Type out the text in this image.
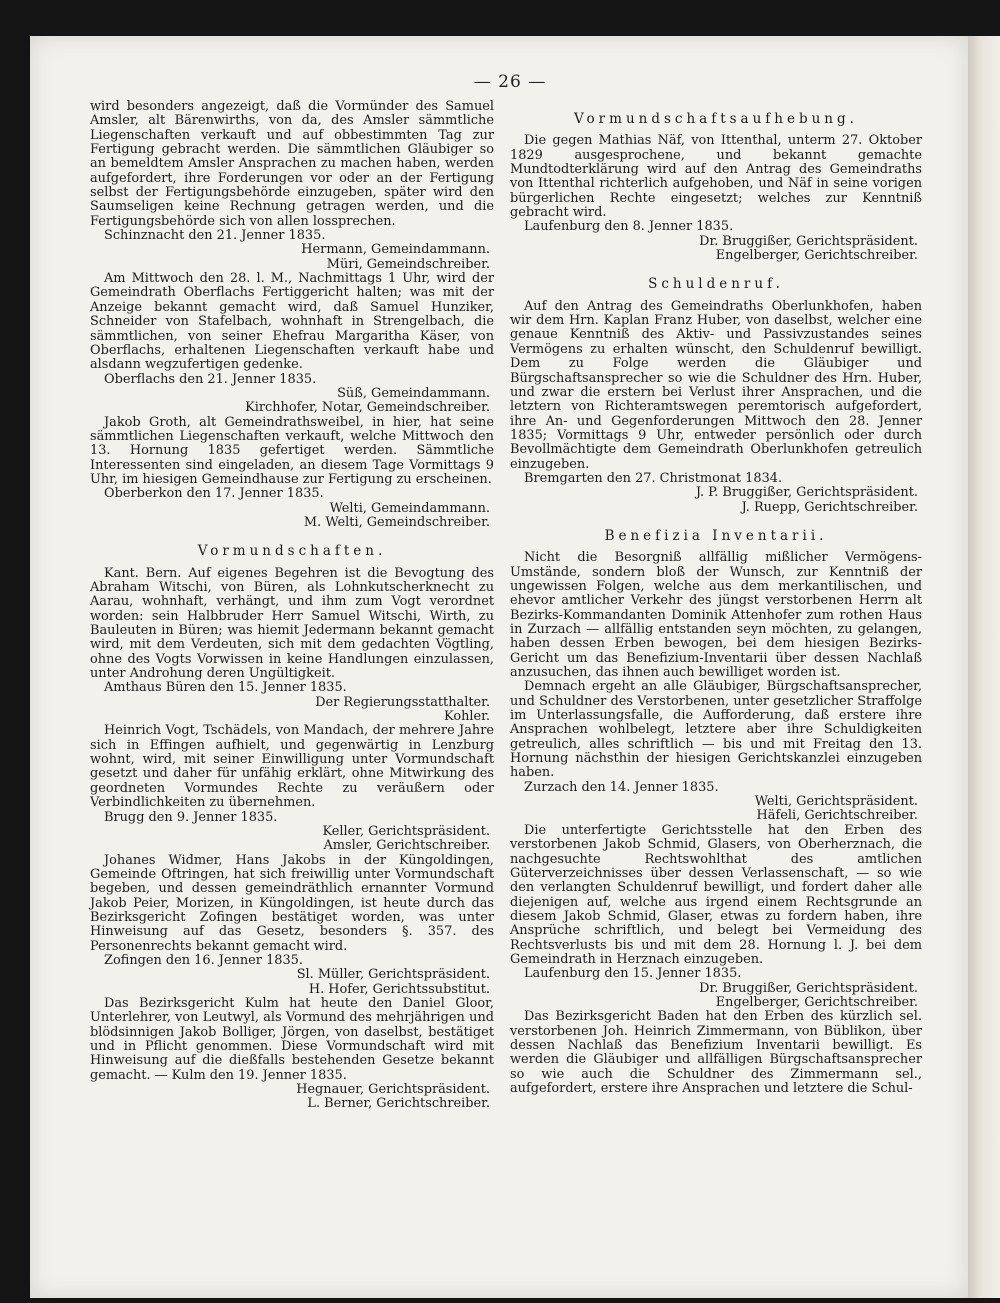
— 26 —

wird besonders angezeigt, daß die Vormünder des Samuel Amsler, alt Bärenwirths, von da, des Amsler sämmtliche Liegenschaften verkauft und auf obbestimmten Tag zur Fertigung gebracht werden. Die sämmtlichen Gläubiger so an bemeldtem Amsler Ansprachen zu machen haben, werden aufgefordert, ihre Forderungen vor oder an der Fertigung selbst der Fertigungsbehörde einzugeben, später wird den Saumseligen keine Rechnung getragen werden, und die Fertigungsbehörde sich von allen lossprechen.

Schinznacht den 21. Jenner 1835.

Hermann, Gemeindammann.

Müri, Gemeindschreiber.

Am Mittwoch den 28. l. M., Nachmittags 1 Uhr, wird der Gemeindrath Oberflachs Fertiggericht halten; was mit der Anzeige bekannt gemacht wird, daß Samuel Hunziker, Schneider von Stafelbach, wohnhaft in Strengelbach, die sämmtlichen, von seiner Ehefrau Margaritha Käser, von Oberflachs, erhaltenen Liegenschaften verkauft habe und alsdann wegzufertigen gedenke.

Oberflachs den 21. Jenner 1835.

Süß, Gemeindammann.

Kirchhofer, Notar, Gemeindschreiber.

Jakob Groth, alt Gemeindrathsweibel, in hier, hat seine sämmtlichen Liegenschaften verkauft, welche Mittwoch den 13. Hornung 1835 gefertiget werden. Sämmtliche Interessenten sind eingeladen, an diesem Tage Vormittags 9 Uhr, im hiesigen Gemeindhause zur Fertigung zu erscheinen.

Oberberkon den 17. Jenner 1835.

Welti, Gemeindammann.

M. Welti, Gemeindschreiber.

Vormundschaften.

Kant. Bern. Auf eigenes Begehren ist die Bevogtung des Abraham Witschi, von Büren, als Lohnkutscherknecht zu Aarau, wohnhaft, verhängt, und ihm zum Vogt verordnet worden: sein Halbbruder Herr Samuel Witschi, Wirth, zu Bauleuten in Büren; was hiemit Jedermann bekannt gemacht wird, mit dem Verdeuten, sich mit dem gedachten Vögtling, ohne des Vogts Vorwissen in keine Handlungen einzulassen, unter Androhung deren Ungültigkeit.

Amthaus Büren den 15. Jenner 1835.

Der Regierungsstatthalter.

Kohler.

Heinrich Vogt, Tschädels, von Mandach, der mehrere Jahre sich in Effingen aufhielt, und gegenwärtig in Lenzburg wohnt, wird, mit seiner Einwilligung unter Vormundschaft gesetzt und daher für unfähig erklärt, ohne Mitwirkung des geordneten Vormundes Rechte zu veräußern oder Verbindlichkeiten zu übernehmen.

Brugg den 9. Jenner 1835.

Keller, Gerichtspräsident.

Amsler, Gerichtschreiber.

Johanes Widmer, Hans Jakobs in der Küngoldingen, Gemeinde Oftringen, hat sich freiwillig unter Vormundschaft begeben, und dessen gemeindräthlich ernannter Vormund Jakob Peier, Morizen, in Küngoldingen, ist heute durch das Bezirksgericht Zofingen bestätiget worden, was unter Hinweisung auf das Gesetz, besonders §. 357. des Personenrechts bekannt gemacht wird.

Zofingen den 16. Jenner 1835.

Sl. Müller, Gerichtspräsident.

H. Hofer, Gerichtssubstitut.

Das Bezirksgericht Kulm hat heute den Daniel Gloor, Unterlehrer, von Leutwyl, als Vormund des mehrjährigen und blödsinnigen Jakob Bolliger, Jörgen, von daselbst, bestätiget und in Pflicht genommen. Diese Vormundschaft wird mit Hinweisung auf die dießfalls bestehenden Gesetze bekannt gemacht. — Kulm den 19. Jenner 1835.

Hegnauer, Gerichtspräsident.

L. Berner, Gerichtschreiber.

Vormundschaftsaufhebung.

Die gegen Mathias Näf, von Ittenthal, unterm 27. Oktober 1829 ausgesprochene, und bekannt gemachte Mundtodterklärung wird auf den Antrag des Gemeindraths von Ittenthal richterlich aufgehoben, und Näf in seine vorigen bürgerlichen Rechte eingesetzt; welches zur Kenntniß gebracht wird.

Laufenburg den 8. Jenner 1835.

Dr. Bruggißer, Gerichtspräsident.

Engelberger, Gerichtschreiber.

Schuldenruf.

Auf den Antrag des Gemeindraths Oberlunkhofen, haben wir dem Hrn. Kaplan Franz Huber, von daselbst, welcher eine genaue Kenntniß des Aktiv- und Passivzustandes seines Vermögens zu erhalten wünscht, den Schuldenruf bewilligt. Dem zu Folge werden die Gläubiger und Bürgschaftsansprecher so wie die Schuldner des Hrn. Huber, und zwar die erstern bei Verlust ihrer Ansprachen, und die letztern von Richteramtswegen peremtorisch aufgefordert, ihre An- und Gegenforderungen Mittwoch den 28. Jenner 1835; Vormittags 9 Uhr, entweder persönlich oder durch Bevollmächtigte dem Gemeindrath Oberlunkhofen getreulich einzugeben.

Bremgarten den 27. Christmonat 1834.

J. P. Bruggißer, Gerichtspräsident.

J. Ruepp, Gerichtschreiber.

Benefizia Inventarii.

Nicht die Besorgniß allfällig mißlicher Vermögens-Umstände, sondern bloß der Wunsch, zur Kenntniß der ungewissen Folgen, welche aus dem merkantilischen, und ehevor amtlicher Verkehr des jüngst verstorbenen Herrn alt Bezirks-Kommandanten Dominik Attenhofer zum rothen Haus in Zurzach — allfällig entstanden seyn möchten, zu gelangen, haben dessen Erben bewogen, bei dem hiesigen Bezirks-Gericht um das Benefizium-Inventarii über dessen Nachlaß anzusuchen, das ihnen auch bewilliget worden ist.

Demnach ergeht an alle Gläubiger, Bürgschaftsansprecher, und Schuldner des Verstorbenen, unter gesetzlicher Straffolge im Unterlassungsfalle, die Aufforderung, daß erstere ihre Ansprachen wohlbelegt, letztere aber ihre Schuldigkeiten getreulich, alles schriftlich — bis und mit Freitag den 13. Hornung nächsthin der hiesigen Gerichtskanzlei einzugeben haben.

Zurzach den 14. Jenner 1835.

Welti, Gerichtspräsident.

Häfeli, Gerichtschreiber.

Die unterfertigte Gerichtsstelle hat den Erben des verstorbenen Jakob Schmid, Glasers, von Oberherznach, die nachgesuchte Rechtswohlthat des amtlichen Güterverzeichnisses über dessen Verlassenschaft, — so wie den verlangten Schuldenruf bewilligt, und fordert daher alle diejenigen auf, welche aus irgend einem Rechtsgrunde an diesem Jakob Schmid, Glaser, etwas zu fordern haben, ihre Ansprüche schriftlich, und belegt bei Vermeidung des Rechtsverlusts bis und mit dem 28. Hornung l. J. bei dem Gemeindrath in Herznach einzugeben.

Laufenburg den 15. Jenner 1835.

Dr. Bruggißer, Gerichtspräsident.

Engelberger, Gerichtschreiber.

Das Bezirksgericht Baden hat den Erben des kürzlich sel. verstorbenen Joh. Heinrich Zimmermann, von Büblikon, über dessen Nachlaß das Benefizium Inventarii bewilligt. Es werden die Gläubiger und allfälligen Bürgschaftsansprecher so wie auch die Schuldner des Zimmermann sel., aufgefordert, erstere ihre Ansprachen und letztere die Schul-
